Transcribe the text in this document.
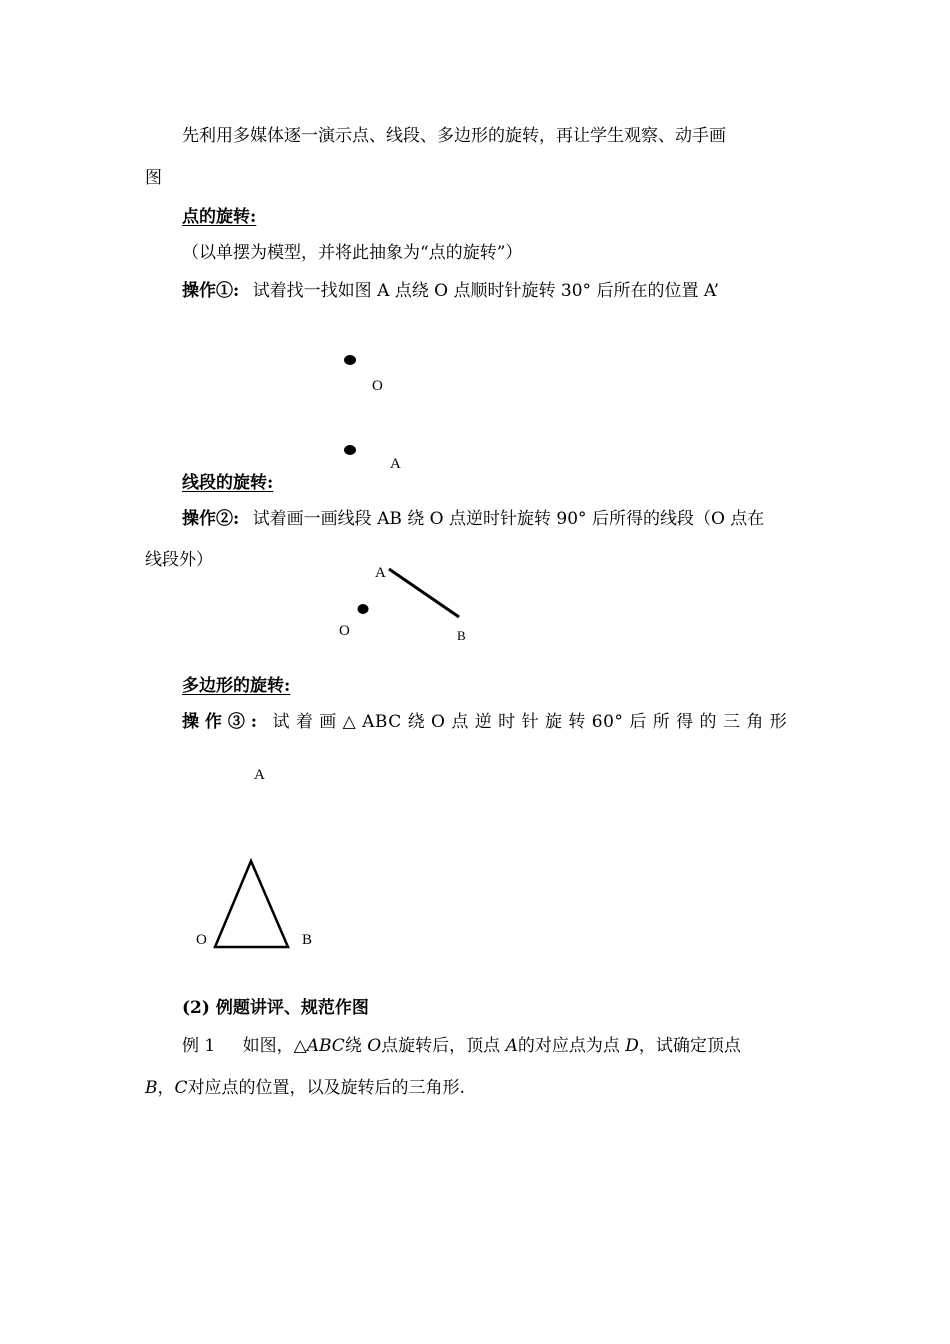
先利用多媒体逐一演示点、线段、多边形的旋转，再让学生观察、动手画
图
点的旋转:
（以单摆为模型，并将此抽象为“点的旋转”）
操作①: 试着找一找如图 A 点绕 O 点顺时针旋转 30° 后所在的位置 A’
O
A
线段的旋转:
操作②: 试着画一画线段 AB 绕 O 点逆时针旋转 90° 后所得的线段（O 点在
线段外）
A
O	B
多边形的旋转:
操 作 ③ : 试 着 画 △ ABC 绕 O 点 逆 时 针 旋 转 60° 后 所 得 的 三 角 形
A
O	B
(2) 例题讲评、规范作图
例 1 如图，△ABC绕 O点旋转后，顶点 A的对应点为点 D，试确定顶点
B，C对应点的位置，以及旋转后的三角形.
